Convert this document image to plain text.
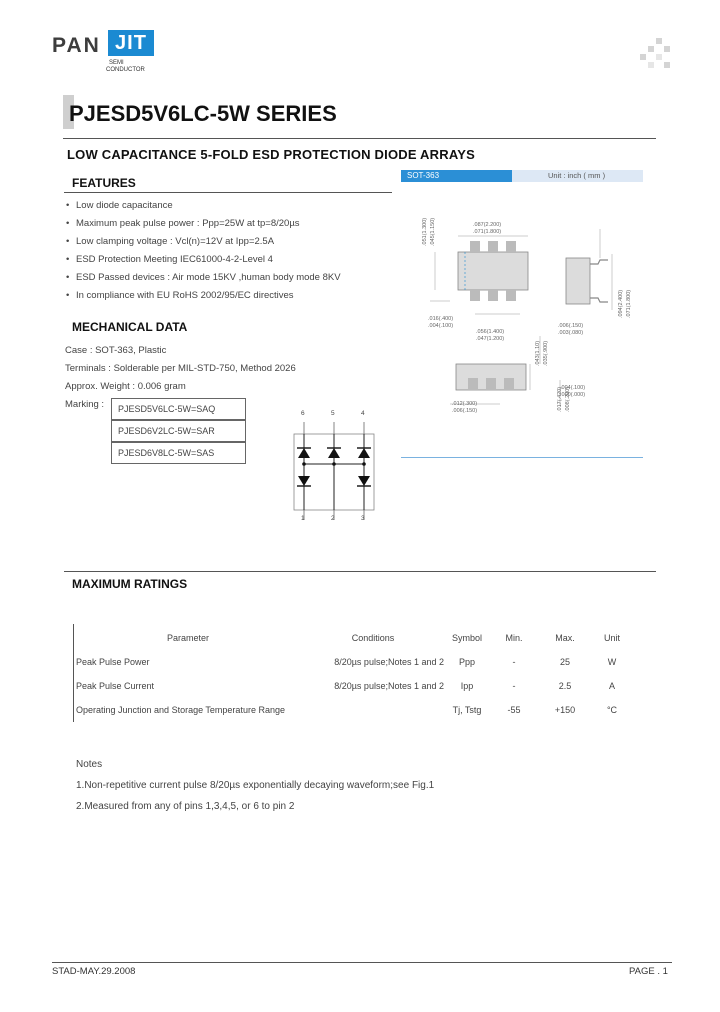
PAN JIT
SEMI
CONDUCTOR
PJESD5V6LC-5W SERIES
LOW CAPACITANCE 5-FOLD ESD PROTECTION DIODE ARRAYS
FEATURES
• Low diode capacitance
• Maximum peak pulse power : Ppp=25W at tp=8/20µs
• Low clamping voltage : Vcl(n)=12V at Ipp=2.5A
• ESD Protection Meeting IEC61000-4-2-Level 4
• ESD Passed devices : Air mode 15KV ,human body mode 8KV
• In compliance with EU RoHS 2002/95/EC directives
SOT-363	Unit : inch ( mm )
.087(2.200)
.071(1.800)
.051(1.300) .045(1.150)
.094(2.400) .071(1.800)
.016(.400)
.004(.100)
.056(1.400)
.047(1.200)
.006(.150)
.003(.080)
.043(1.10) .035(.900)
.012(.300)
.006(.150)
.004(.100)
.000(.000)
.017(.420) .008(.200)
MECHANICAL DATA
Case : SOT-363, Plastic
Terminals : Solderable per MIL-STD-750, Method 2026
Approx. Weight : 0.006 gram
Marking :	PJESD5V6LC-5W=SAQ
PJESD6V2LC-5W=SAR
PJESD6V8LC-5W=SAS
6	5	4
1	2	3
MAXIMUM RATINGS
Parameter	Conditions	Symbol	Min.	Max.	Unit
Peak Pulse Power	8/20µs pulse;Notes 1 and 2	Ppp	-	25	W
Peak Pulse Current	8/20µs pulse;Notes 1 and 2	Ipp	-	2.5	A
Operating Junction and Storage Temperature Range		Tj, Tstg	-55	+150	°C
Notes
1.Non-repetitive current pulse 8/20µs exponentially decaying waveform;see Fig.1
2.Measured from any of pins 1,3,4,5, or 6 to pin 2
STAD-MAY.29.2008	PAGE . 1
